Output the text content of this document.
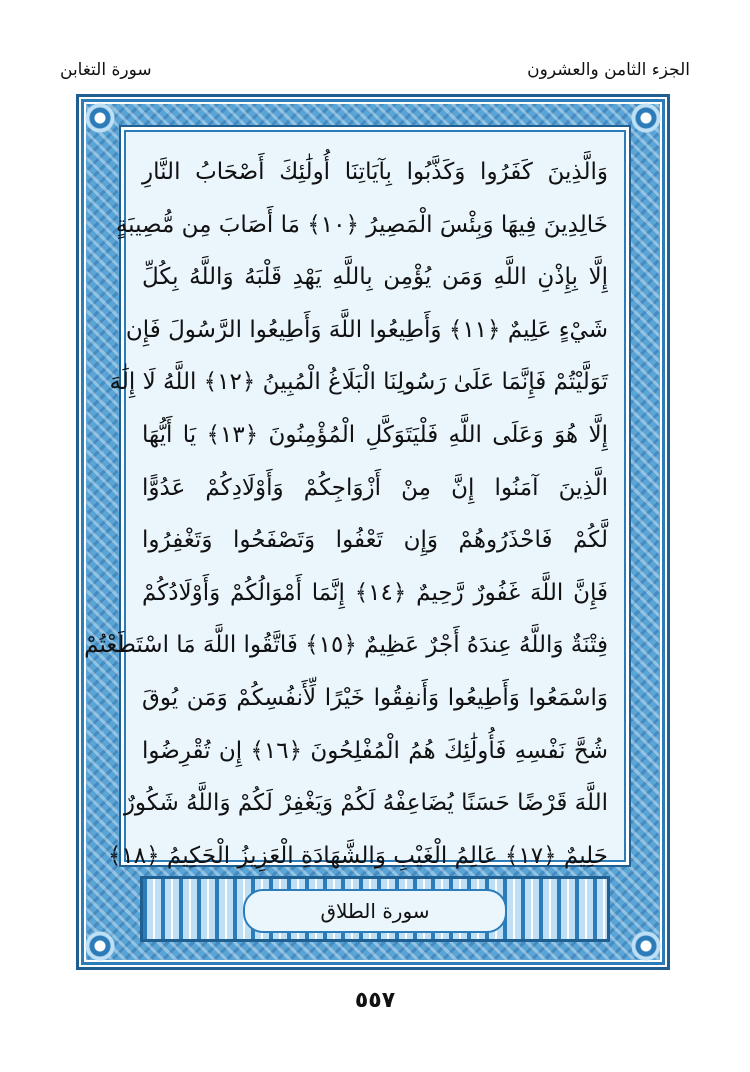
الجزء الثامن والعشرون
سورة التغابن
وَالَّذِينَ كَفَرُوا وَكَذَّبُوا بِآيَاتِنَا أُولَٰئِكَ أَصْحَابُ النَّارِ
خَالِدِينَ فِيهَا وَبِئْسَ الْمَصِيرُ ﴿١٠﴾ مَا أَصَابَ مِن مُّصِيبَةٍ
إِلَّا بِإِذْنِ اللَّهِ وَمَن يُؤْمِن بِاللَّهِ يَهْدِ قَلْبَهُ وَاللَّهُ بِكُلِّ
شَيْءٍ عَلِيمٌ ﴿١١﴾ وَأَطِيعُوا اللَّهَ وَأَطِيعُوا الرَّسُولَ فَإِن
تَوَلَّيْتُمْ فَإِنَّمَا عَلَىٰ رَسُولِنَا الْبَلَاغُ الْمُبِينُ ﴿١٢﴾ اللَّهُ لَا إِلَٰهَ
إِلَّا هُوَ وَعَلَى اللَّهِ فَلْيَتَوَكَّلِ الْمُؤْمِنُونَ ﴿١٣﴾ يَا أَيُّهَا
الَّذِينَ آمَنُوا إِنَّ مِنْ أَزْوَاجِكُمْ وَأَوْلَادِكُمْ عَدُوًّا
لَّكُمْ فَاحْذَرُوهُمْ وَإِن تَعْفُوا وَتَصْفَحُوا وَتَغْفِرُوا
فَإِنَّ اللَّهَ غَفُورٌ رَّحِيمٌ ﴿١٤﴾ إِنَّمَا أَمْوَالُكُمْ وَأَوْلَادُكُمْ
فِتْنَةٌ وَاللَّهُ عِندَهُ أَجْرٌ عَظِيمٌ ﴿١٥﴾ فَاتَّقُوا اللَّهَ مَا اسْتَطَعْتُمْ
وَاسْمَعُوا وَأَطِيعُوا وَأَنفِقُوا خَيْرًا لِّأَنفُسِكُمْ وَمَن يُوقَ
شُحَّ نَفْسِهِ فَأُولَٰئِكَ هُمُ الْمُفْلِحُونَ ﴿١٦﴾ إِن تُقْرِضُوا
اللَّهَ قَرْضًا حَسَنًا يُضَاعِفْهُ لَكُمْ وَيَغْفِرْ لَكُمْ وَاللَّهُ شَكُورٌ
حَلِيمٌ ﴿١٧﴾ عَالِمُ الْغَيْبِ وَالشَّهَادَةِ الْعَزِيزُ الْحَكِيمُ ﴿١٨﴾
سورة الطلاق
٥٥٧
